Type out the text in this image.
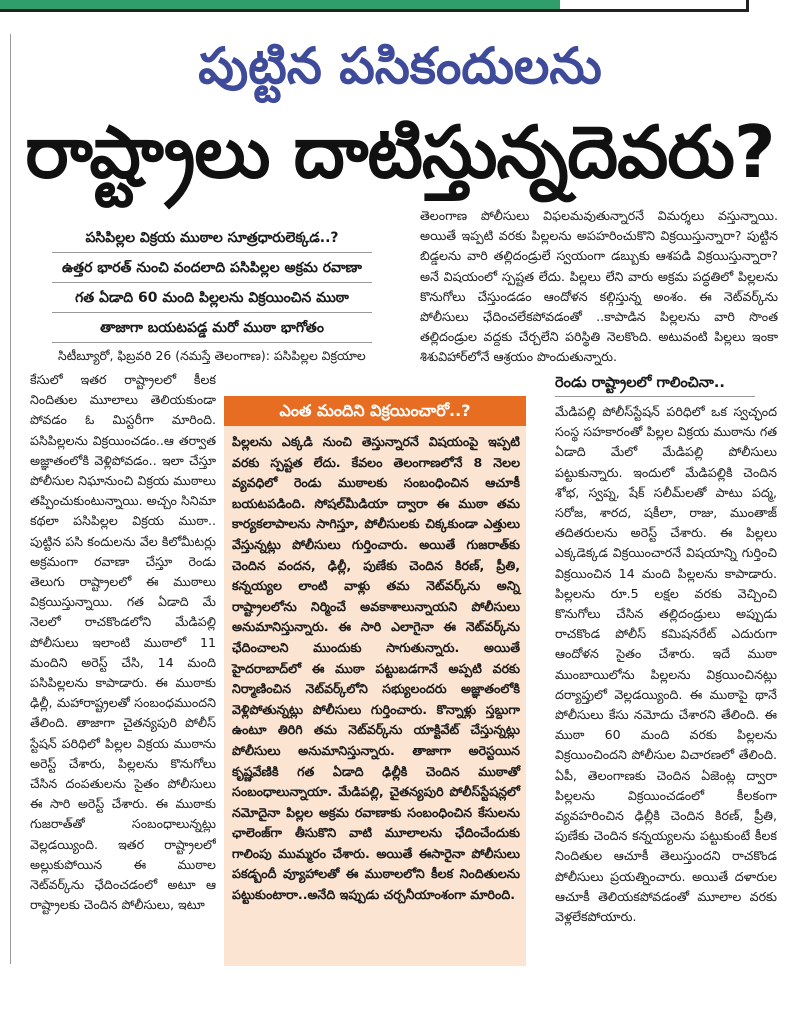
పుట్టిన పసికందులను
రాష్ట్రాలు దాటిస్తున్నదెవరు?
పసిపిల్లల విక్రయ ముఠాల సూత్రధారులెక్కడ..?
ఉత్తర భారత్ నుంచి వందలాది పసిపిల్లల అక్రమ రవాణా
గత ఏడాది 60 మంది పిల్లలను విక్రయించిన ముఠా
తాజాగా బయటపడ్డ మరో ముఠా భాగోతం
సిటీబ్యూరో, ఫిబ్రవరి 26 (నమస్తే తెలంగాణ): పసిపిల్లల విక్రయాల

కేసులో ఇతర రాష్ట్రాలలో కీలక నిందితుల మూలాలు తెలియకుండా పోవడం ఓ మిస్టరీగా మారింది. పసిపిల్లలను విక్రయించడం..ఆ తర్వాత అజ్ఞాతంలోకి వెళ్లిపోవడం.. ఇలా చేస్తూ పోలీసుల నిఘానుంచి విక్రయ ముఠాలు తప్పించుకుంటున్నాయి. అచ్చం సినిమా కథలా పసిపిల్లల విక్రయ ముఠా.. పుట్టిన పసి కందులను వేల కిలోమీటర్లు అక్రమంగా రవాణా చేస్తూ రెండు తెలుగు రాష్ట్రాలలో ఈ ముఠాలు విక్రయిస్తున్నాయి. గత ఏడాది మే నెలలో రాచకొండలోని మేడిపల్లి పోలీసులు ఇలాంటి ముఠాలో 11 మందిని అరెస్ట్ చేసి, 14 మంది పసిపిల్లలను కాపాడారు. ఈ ముఠాకు ఢిల్లీ, మహారాష్ట్రలతో సంబంధముందని తేలింది. తాజాగా చైతన్యపురి పోలీస్ స్టేషన్ పరిధిలో పిల్లల విక్రయ ముఠాను అరెస్ట్ చేశారు, పిల్లలను కొనుగోలు చేసిన దంపతులను సైతం పోలీసులు ఈ సారి అరెస్ట్ చేశారు. ఈ ముఠాకు గుజరాత్‌తో సంబంధాలున్నట్లు వెల్లడయ్యింది. ఇతర రాష్ట్రాలలో అల్లుకుపోయిన ఈ ముఠాల నెట్‌వర్క్‌ను ఛేదించడంలో అటూ ఆ రాష్ట్రాలకు చెందిన పోలీసులు, ఇటూ

తెలంగాణ పోలీసులు విఫలమవుతున్నారనే విమర్శలు వస్తున్నాయి. అయితే ఇప్పటి వరకు పిల్లలను అపహరించుకొని విక్రయిస్తున్నారా? పుట్టిన బిడ్డలను వారి తల్లిదండ్రులే స్వయంగా డబ్బుకు ఆశపడి విక్రయిస్తున్నారా? అనే విషయంలో స్పష్టత లేదు. పిల్లలు లేని వారు అక్రమ పద్ధతిలో పిల్లలను కొనుగోలు చేస్తుండడం ఆందోళన కల్గిస్తున్న అంశం. ఈ నెట్‌వర్క్‌ను పోలీసులు ఛేదించలేకపోవడంతో ..కాపాడిన పిల్లలను వారి సొంత తల్లిదండ్రుల వద్దకు చేర్చలేని పరిస్థితి నెలకొంది. అటువంటి పిల్లలు ఇంకా శిశువిహార్‌లోనే ఆశ్రయం పొందుతున్నారు.

ఎంత మందిని విక్రయించారో..?

పిల్లలను ఎక్కడి నుంచి తెస్తున్నారనే విషయంపై ఇప్పటి వరకు స్పష్టత లేదు. కేవలం తెలంగాణలోనే 8 నెలల వ్యవధిలో రెండు ముఠాలకు సంబంధించిన ఆచూకీ బయటపడింది. సోషల్‌మీడియా ద్వారా ఈ ముఠా తమ కార్యకలాపాలను సాగిస్తూ, పోలీసులకు చిక్కకుండా ఎత్తులు వేస్తున్నట్లు పోలీసులు గుర్తించారు. అయితే గుజరాత్‌కు చెందిన వందన, ఢిల్లీ, పుణేకు చెందిన కిరణ్, ప్రీతి, కన్నయ్యల లాంటి వాళ్లు తమ నెట్‌వర్క్‌ను అన్ని రాష్ట్రాలలోను నిర్మించే అవకాశాలున్నాయని పోలీసులు అనుమానిస్తున్నారు. ఈ సారి ఎలాగైనా ఈ నెట్‌వర్క్‌ను ఛేదించాలని ముందుకు సాగుతున్నారు. అయితే హైదరాబాద్‌లో ఈ ముఠా పట్టుబడగానే అప్పటి వరకు నిర్మాణించిన నెట్‌వర్క్‌లోని సభ్యులందరు అజ్ఞాతంలోకి వెళ్లిపోతున్నట్లు పోలీసులు గుర్తించారు. కొన్నాళ్లు స్తబ్దుగా ఉంటూ తిరిగి తమ నెట్‌వర్క్‌ను యాక్టివేట్ చేస్తున్నట్లు పోలీసులు అనుమానిస్తున్నారు. తాజాగా అరెస్టయిన కృష్ణవేణికి గత ఏడాది ఢిల్లీకి చెందిన ముఠాతో సంబంధాలున్నాయా. మేడిపల్లి, చైతన్యపురి పోలీస్‌స్టేషన్లలో నమోదైనా పిల్లల అక్రమ రవాణాకు సంబంధించిన కేసులను ఛాలెంజ్‌గా తీసుకొని వాటి మూలాలను ఛేదించేందుకు గాలింపు ముమ్మరం చేశారు. అయితే ఈసారైనా పోలీసులు పకడ్బందీ వ్యూహాలతో ఈ ముఠాలలోని కీలక నిందితులను పట్టుకుంటారా..అనేది ఇప్పుడు చర్చనీయాంశంగా మారింది.

రెండు రాష్ట్రాలలో గాలించినా..

మేడిపల్లి పోలీస్‌స్టేషన్ పరిధిలో ఒక స్వచ్ఛంద సంస్థ సహకారంతో పిల్లల విక్రయ ముఠాను గత ఏడాది మేలో మేడిపల్లి పోలీసులు పట్టుకున్నారు. ఇందులో మేడిపల్లికి చెందిన శోభ, స్వప్న, షేక్ సలీమ్‌లతో పాటు పద్మ, సరోజ, శారద, షకీలా, రాజు, ముంతాజ్ తదితరులను అరెస్ట్ చేశారు. ఈ పిల్లలు ఎక్కడెక్కడ విక్రయించారనే విషయాన్ని గుర్తించి విక్రయించిన 14 మంది పిల్లలను కాపాడారు. పిల్లలను రూ.5 లక్షల వరకు వెచ్చించి కొనుగోలు చేసిన తల్లిదండ్రులు అప్పుడు రాచకొండ పోలీస్ కమిషనరేట్ ఎదురుగా ఆందోళన సైతం చేశారు. ఇదే ముఠా ముంబాయిలోను పిల్లలను విక్రయించినట్లు దర్యాప్తులో వెల్లడయ్యింది. ఈ ముఠాపై థానే పోలీసులు కేసు నమోదు చేశారని తేలింది. ఈ ముఠా 60 మంది వరకు పిల్లలను విక్రయించిందని పోలీసుల విచారణలో తేలింది. ఏపీ, తెలంగాణకు చెందిన ఏజెంట్ల ద్వారా పిల్లలను విక్రయించడంలో కీలకంగా వ్యవహరించిన ఢిల్లీకి చెందిన కిరణ్, ప్రీతి, పుణేకు చెందిన కన్నయ్యలను పట్టుకుంటే కీలక నిందితుల ఆచూకీ తెలుస్తుందని రాచకొండ పోలీసులు ప్రయత్నించారు. అయితే దళారుల ఆచూకీ తెలియకపోవడంతో మూలాల వరకు వెళ్లలేకపోయారు.
